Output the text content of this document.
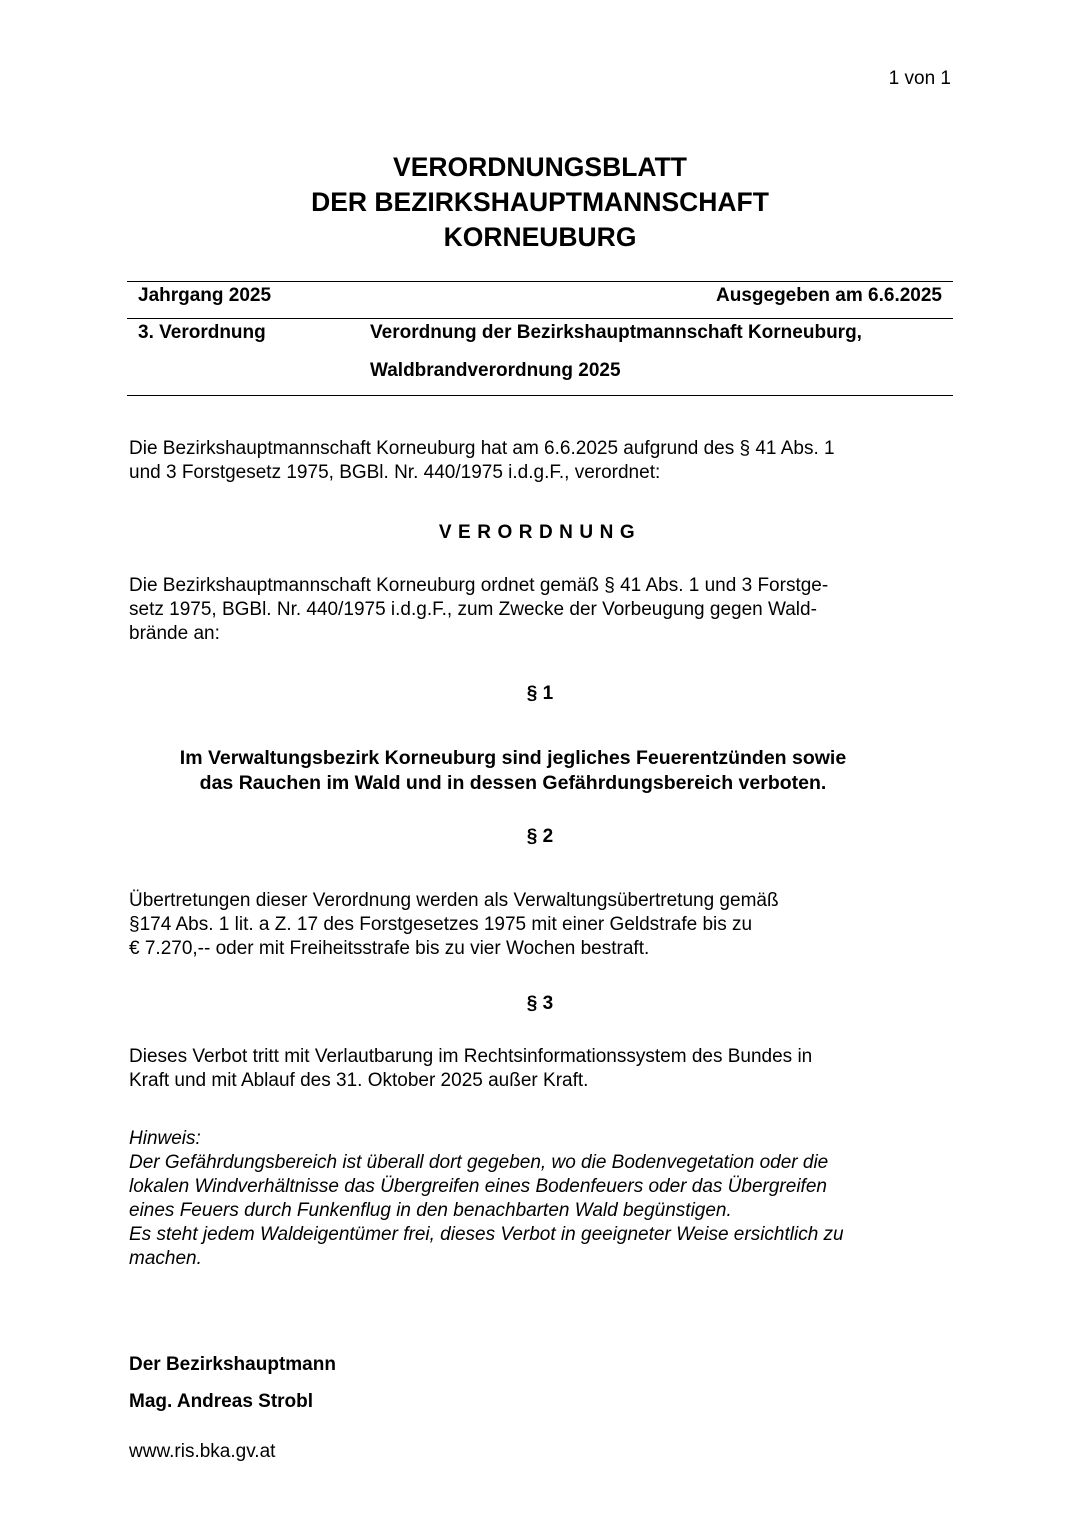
1 von 1
VERORDNUNGSBLATT
DER BEZIRKSHAUPTMANNSCHAFT
KORNEUBURG
Jahrgang 2025	Ausgegeben am 6.6.2025
3. Verordnung	Verordnung der Bezirkshauptmannschaft Korneuburg,
Waldbrandverordnung 2025
Die Bezirkshauptmannschaft Korneuburg hat am 6.6.2025 aufgrund des § 41 Abs. 1
und 3 Forstgesetz 1975, BGBl. Nr. 440/1975 i.d.g.F., verordnet:
VERORDNUNG
Die Bezirkshauptmannschaft Korneuburg ordnet gemäß § 41 Abs. 1 und 3 Forstge-
setz 1975, BGBl. Nr. 440/1975 i.d.g.F., zum Zwecke der Vorbeugung gegen Wald-
brände an:
§ 1
Im Verwaltungsbezirk Korneuburg sind jegliches Feuerentzünden sowie
das Rauchen im Wald und in dessen Gefährdungsbereich verboten.
§ 2
Übertretungen dieser Verordnung werden als Verwaltungsübertretung gemäß
§174 Abs. 1 lit. a Z. 17 des Forstgesetzes 1975 mit einer Geldstrafe bis zu
€ 7.270,-- oder mit Freiheitsstrafe bis zu vier Wochen bestraft.
§ 3
Dieses Verbot tritt mit Verlautbarung im Rechtsinformationssystem des Bundes in
Kraft und mit Ablauf des 31. Oktober 2025 außer Kraft.
Hinweis:
Der Gefährdungsbereich ist überall dort gegeben, wo die Bodenvegetation oder die
lokalen Windverhältnisse das Übergreifen eines Bodenfeuers oder das Übergreifen
eines Feuers durch Funkenflug in den benachbarten Wald begünstigen.
Es steht jedem Waldeigentümer frei, dieses Verbot in geeigneter Weise ersichtlich zu
machen.
Der Bezirkshauptmann
Mag. Andreas Strobl
www.ris.bka.gv.at
